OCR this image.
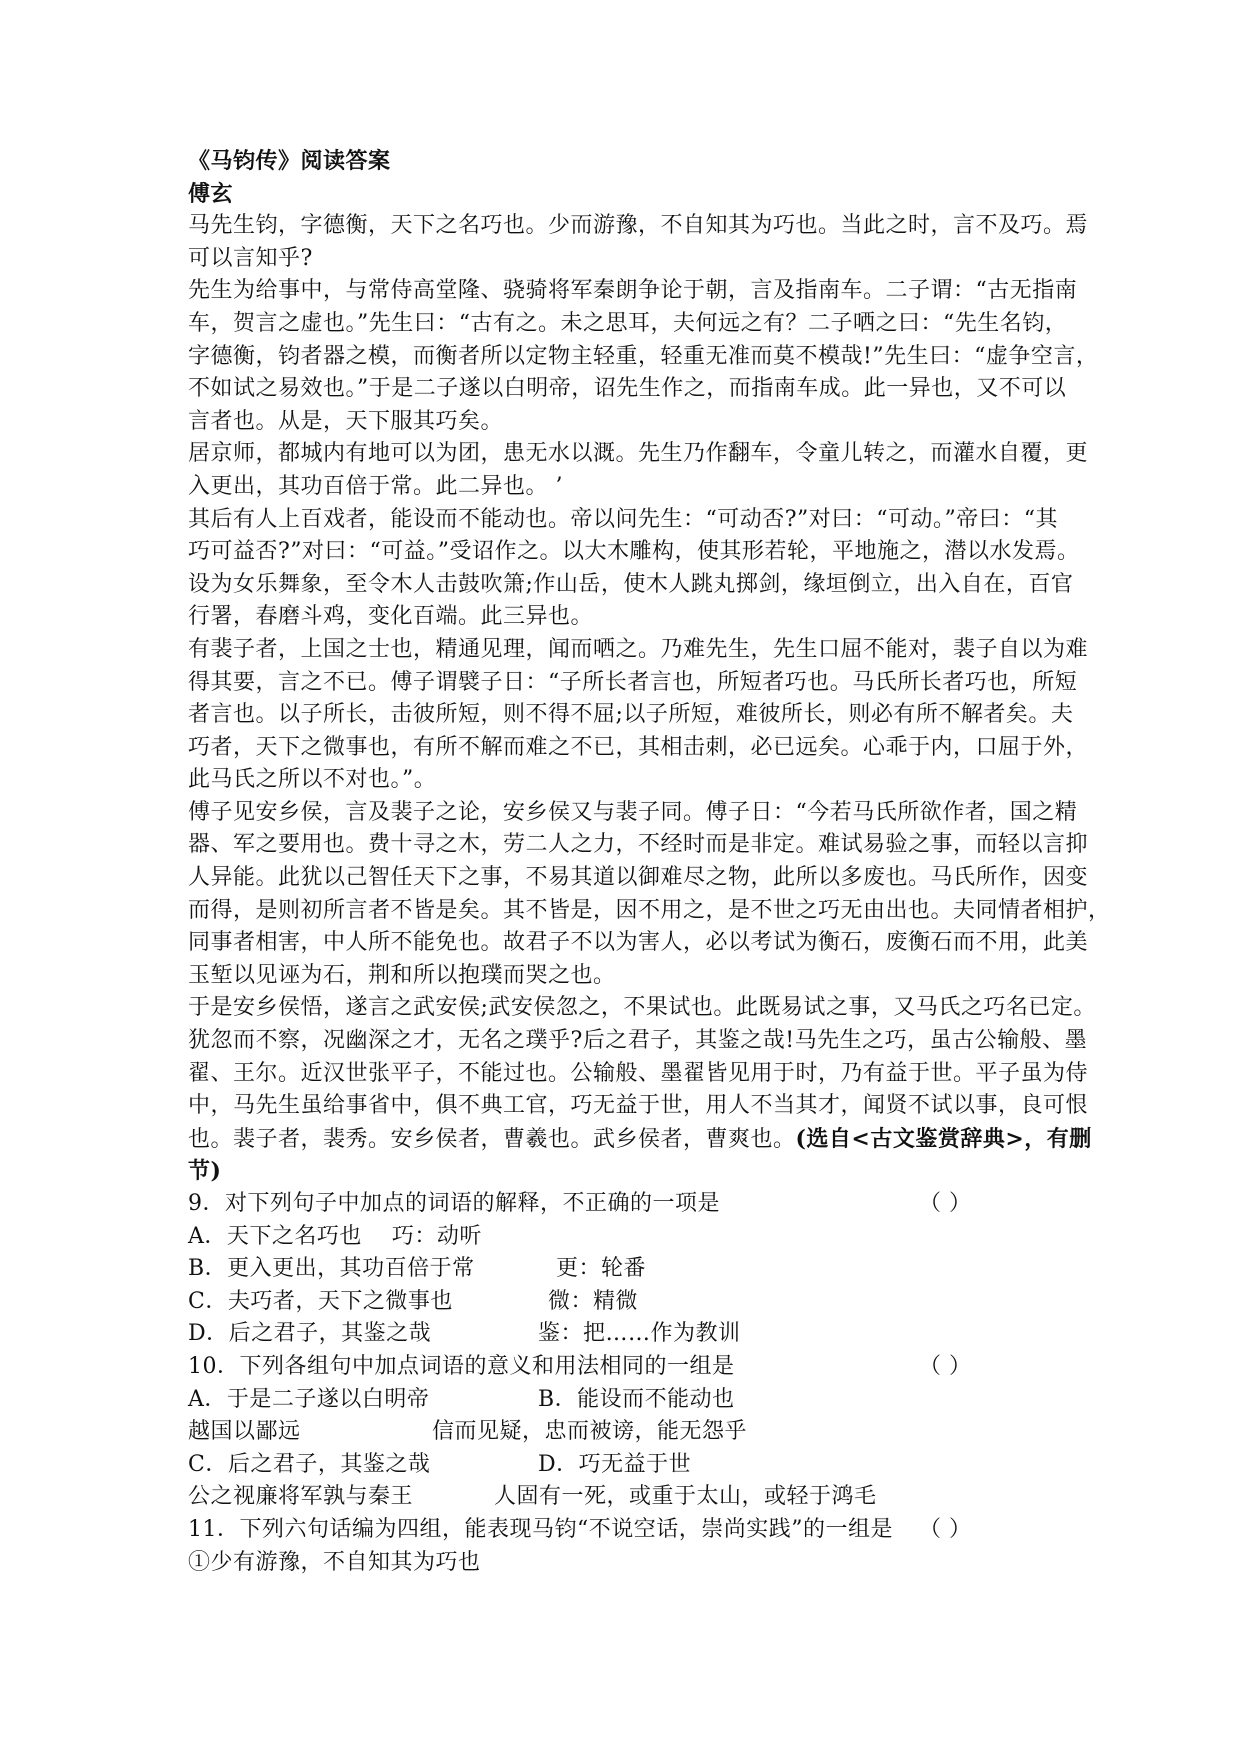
《马钧传》阅读答案
傅玄
马先生钧，字德衡，天下之名巧也。少而游豫，不自知其为巧也。当此之时，言不及巧。焉
可以言知乎?
先生为给事中，与常侍高堂隆、骁骑将军秦朗争论于朝，言及指南车。二子谓：“古无指南
车，贺言之虚也。”先生曰：“古有之。未之思耳，夫何远之有？二子哂之曰：“先生名钧，
字德衡，钧者器之模，而衡者所以定物主轻重，轻重无准而莫不模哉!”先生曰：“虚争空言，
不如试之易效也。”于是二子遂以白明帝，诏先生作之，而指南车成。此一异也，又不可以
言者也。从是，天下服其巧矣。
居京师，都城内有地可以为团，患无水以溉。先生乃作翻车，令童儿转之，而灌水自覆，更
入更出，其功百倍于常。此二异也。 ’
其后有人上百戏者，能设而不能动也。帝以问先生：“可动否?”对曰：“可动。”帝曰：“其
巧可益否?”对曰：“可益。”受诏作之。以大木雕构，使其形若轮，平地施之，潜以水发焉。
设为女乐舞象，至令木人击鼓吹箫;作山岳，使木人跳丸掷剑，缘垣倒立，出入自在，百官
行署，春磨斗鸡，变化百端。此三异也。
有裴子者，上国之士也，精通见理，闻而哂之。乃难先生，先生口屈不能对，裴子自以为难
得其要，言之不已。傅子谓襞子日：“子所长者言也，所短者巧也。马氏所长者巧也，所短
者言也。以子所长，击彼所短，则不得不屈;以子所短，难彼所长，则必有所不解者矣。夫
巧者，天下之微事也，有所不解而难之不已，其相击刺，必已远矣。心乖于内，口屈于外，
此马氏之所以不对也。”。
傅子见安乡侯，言及裴子之论，安乡侯又与裴子同。傅子日：“今若马氏所欲作者，国之精
器、军之要用也。费十寻之木，劳二人之力，不经时而是非定。难试易验之事，而轻以言抑
人异能。此犹以己智任天下之事，不易其道以御难尽之物，此所以多废也。马氏所作，因变
而得，是则初所言者不皆是矣。其不皆是，因不用之，是不世之巧无由出也。夫同情者相护，
同事者相害，中人所不能免也。故君子不以为害人，必以考试为衡石，废衡石而不用，此美
玉堑以见诬为石，荆和所以抱璞而哭之也。
于是安乡侯悟，遂言之武安侯;武安侯忽之，不果试也。此既易试之事，又马氏之巧名已定。
犹忽而不察，况幽深之才，无名之璞乎?后之君子，其鉴之哉!马先生之巧，虽古公输般、墨
翟、王尔。近汉世张平子，不能过也。公输般、墨翟皆见用于时，乃有益于世。平子虽为侍
中，马先生虽给事省中，俱不典工官，巧无益于世，用人不当其才，闻贤不试以事，良可恨
也。裴子者，裴秀。安乡侯者，曹羲也。武乡侯者，曹爽也。(选自<古文鉴赏辞典>，有删
节)
9．对下列句子中加点的词语的解释，不正确的一项是	（ ）
A．天下之名巧也 巧：动听
B．更入更出，其功百倍于常	更：轮番
C．夫巧者，天下之微事也	微：精微
D．后之君子，其鉴之哉	鉴：把……作为教训
10．下列各组句中加点词语的意义和用法相同的一组是	（ ）
A．于是二子遂以白明帝	B．能设而不能动也
越国以鄙远	信而见疑，忠而被谤，能无怨乎
C．后之君子，其鉴之哉	D．巧无益于世
公之视廉将军孰与秦王	人固有一死，或重于太山，或轻于鸿毛
11．下列六句话编为四组，能表现马钧“不说空话，崇尚实践”的一组是 （ ）
①少有游豫，不自知其为巧也
